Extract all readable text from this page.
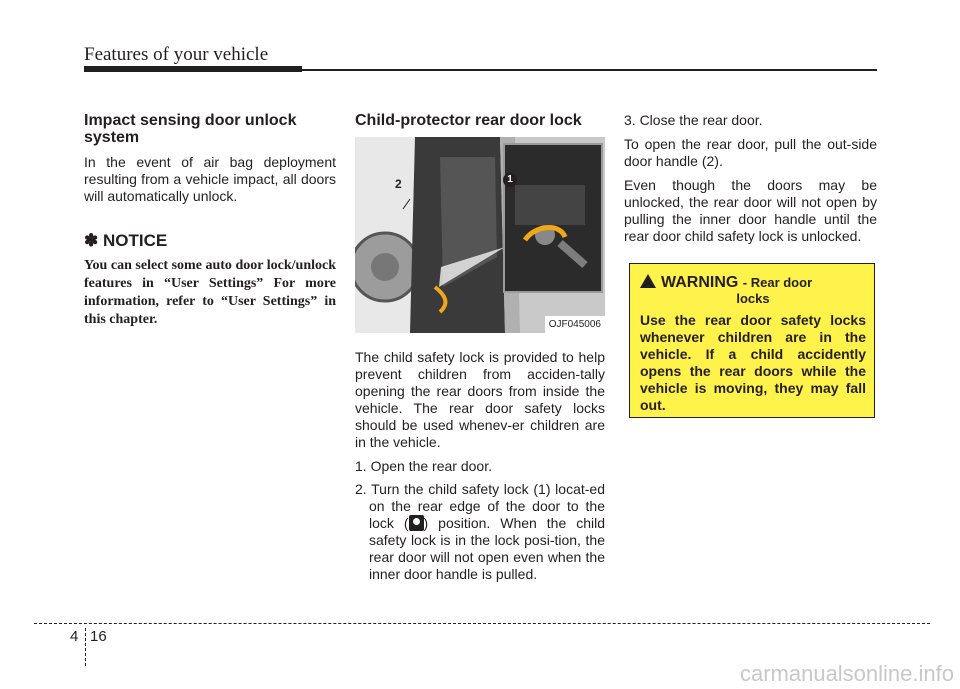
Features of your vehicle
Impact sensing door unlock system

In the event of air bag deployment resulting from a vehicle impact, all doors will automatically unlock.

✽ NOTICE

You can select some auto door lock/unlock features in “User Settings” For more information, refer to “User Settings” in this chapter.

Child-protector rear door lock
1
2
OJF045006

The child safety lock is provided to help prevent children from acciden-tally opening the rear doors from inside the vehicle. The rear door safety locks should be used whenev-er children are in the vehicle.

1. Open the rear door.
2. Turn the child safety lock (1) locat-ed on the rear edge of the door to the lock ( ) position. When the child safety lock is in the lock posi-tion, the rear door will not open even when the inner door handle is pulled.

3. Close the rear door.

To open the rear door, pull the out-side door handle (2).

Even though the doors may be unlocked, the rear door will not open by pulling the inner door handle until the rear door child safety lock is unlocked.

WARNING - Rear door
locks

Use the rear door safety locks whenever children are in the vehicle. If a child accidently opens the rear doors while the vehicle is moving, they may fall out.

4 16
carmanualsonline.info
